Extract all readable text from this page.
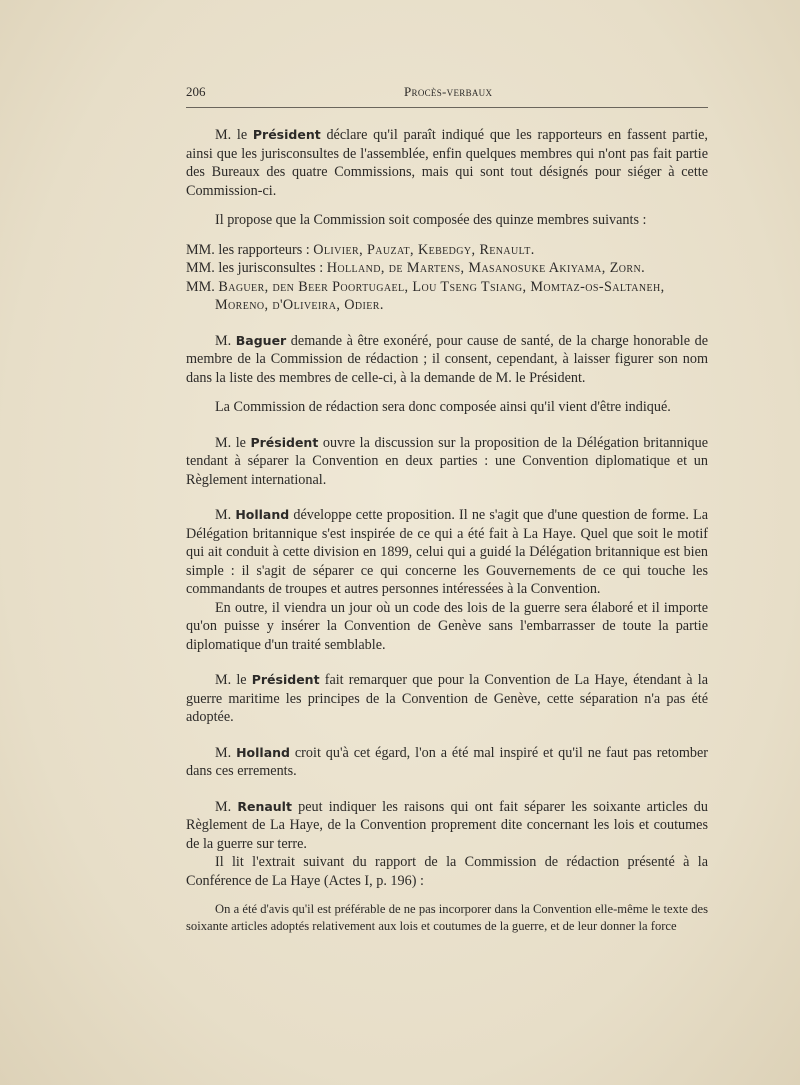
206	Procès-verbaux

M. le Président déclare qu'il paraît indiqué que les rapporteurs en fassent partie, ainsi que les jurisconsultes de l'assemblée, enfin quelques membres qui n'ont pas fait partie des Bureaux des quatre Commissions, mais qui sont tout désignés pour siéger à cette Commission-ci.

Il propose que la Commission soit composée des quinze membres suivants :

MM. les rapporteurs : Olivier, Pauzat, Kebedgy, Renault.
MM. les jurisconsultes : Holland, de Martens, Masanosuke Akiyama, Zorn.
MM. Baguer, den Beer Poortugael, Lou Tseng Tsiang, Momtaz-os-Saltaneh,
Moreno, d'Oliveira, Odier.

M. Baguer demande à être exonéré, pour cause de santé, de la charge honorable de membre de la Commission de rédaction ; il consent, cependant, à laisser figurer son nom dans la liste des membres de celle-ci, à la demande de M. le Président.

La Commission de rédaction sera donc composée ainsi qu'il vient d'être indiqué.

M. le Président ouvre la discussion sur la proposition de la Délégation britannique tendant à séparer la Convention en deux parties : une Convention diplomatique et un Règlement international.

M. Holland développe cette proposition. Il ne s'agit que d'une question de forme. La Délégation britannique s'est inspirée de ce qui a été fait à La Haye. Quel que soit le motif qui ait conduit à cette division en 1899, celui qui a guidé la Délégation britannique est bien simple : il s'agit de séparer ce qui concerne les Gouvernements de ce qui touche les commandants de troupes et autres personnes intéressées à la Convention.

En outre, il viendra un jour où un code des lois de la guerre sera élaboré et il importe qu'on puisse y insérer la Convention de Genève sans l'embarrasser de toute la partie diplomatique d'un traité semblable.

M. le Président fait remarquer que pour la Convention de La Haye, étendant à la guerre maritime les principes de la Convention de Genève, cette séparation n'a pas été adoptée.

M. Holland croit qu'à cet égard, l'on a été mal inspiré et qu'il ne faut pas retomber dans ces errements.

M. Renault peut indiquer les raisons qui ont fait séparer les soixante articles du Règlement de La Haye, de la Convention proprement dite concernant les lois et coutumes de la guerre sur terre.

Il lit l'extrait suivant du rapport de la Commission de rédaction présenté à la Conférence de La Haye (Actes I, p. 196) :

On a été d'avis qu'il est préférable de ne pas incorporer dans la Convention elle-même le texte des soixante articles adoptés relativement aux lois et coutumes de la guerre, et de leur donner la force
